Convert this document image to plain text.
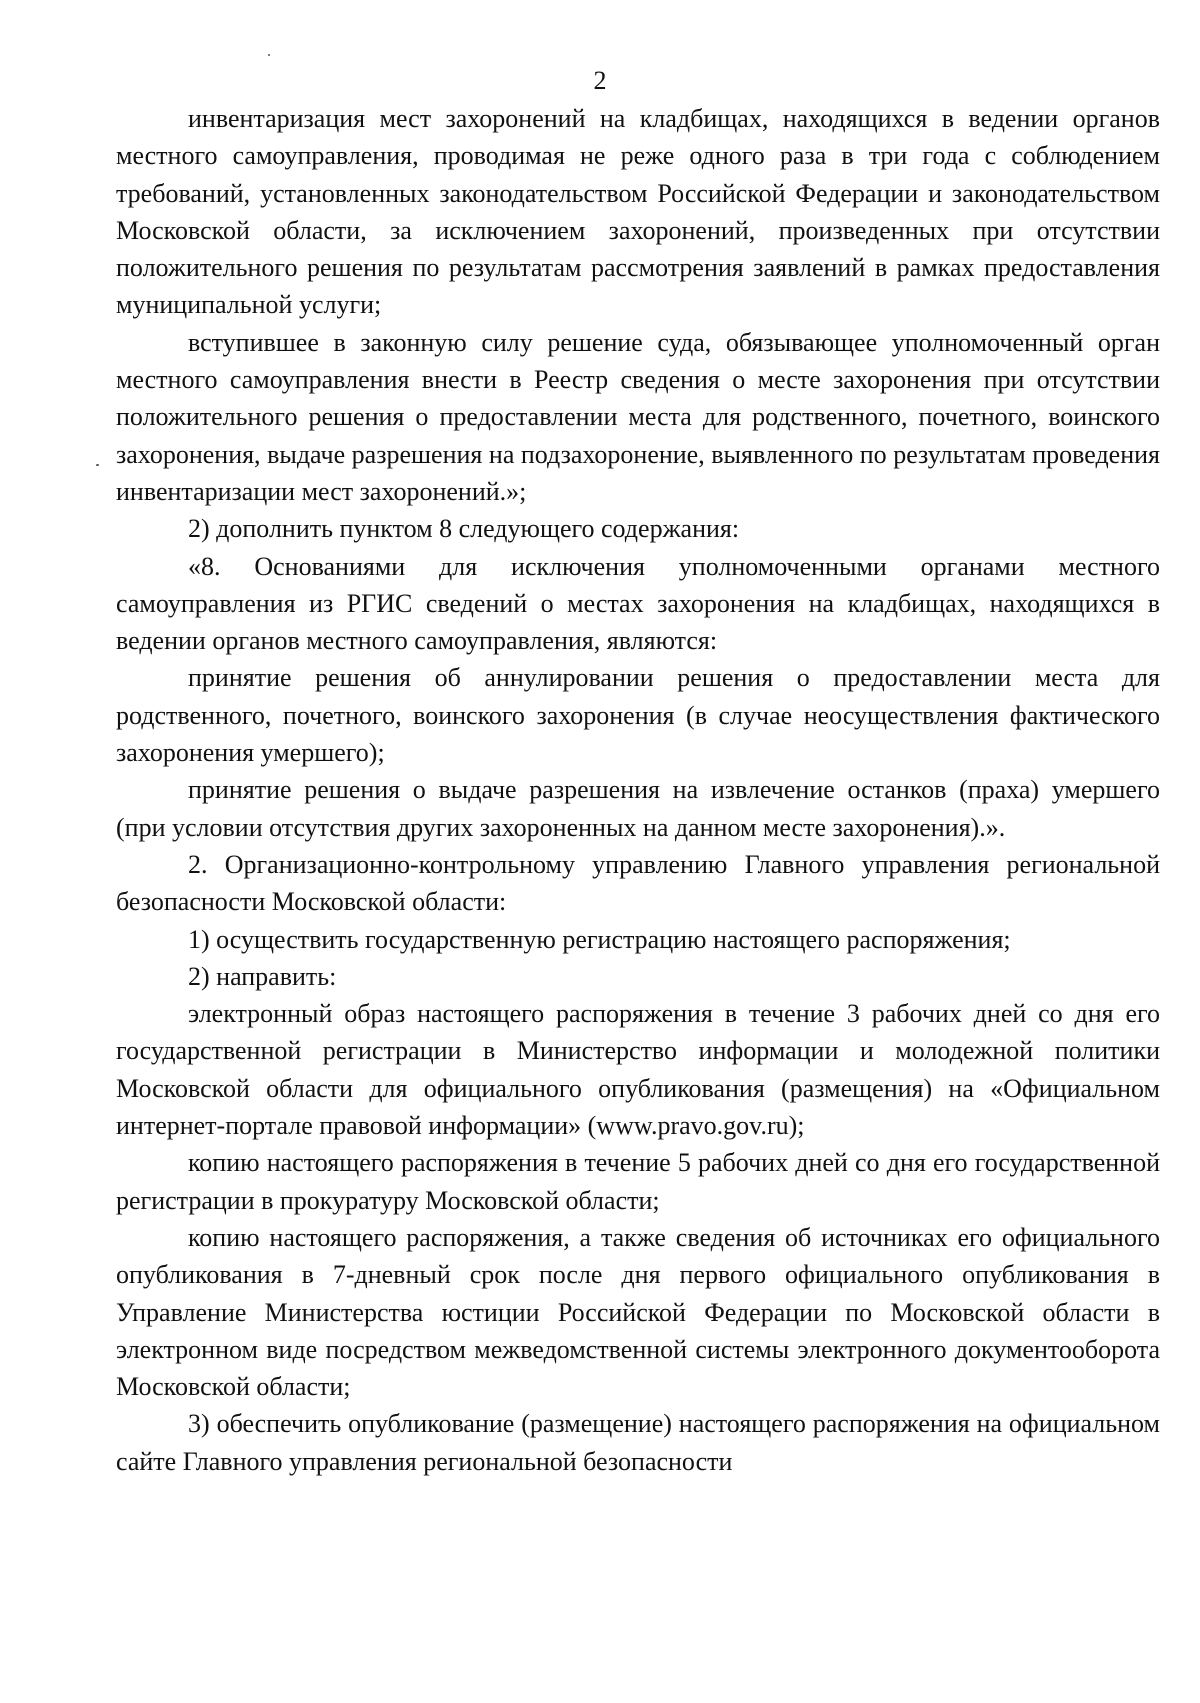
2

инвентаризация мест захоронений на кладбищах, находящихся в ведении органов местного самоуправления, проводимая не реже одного раза в три года с соблюдением требований, установленных законодательством Российской Федерации и законодательством Московской области, за исключением захоронений, произведенных при отсутствии положительного решения по результатам рассмотрения заявлений в рамках предоставления муниципальной услуги;

вступившее в законную силу решение суда, обязывающее уполномоченный орган местного самоуправления внести в Реестр сведения о месте захоронения при отсутствии положительного решения о предоставлении места для родственного, почетного, воинского захоронения, выдаче разрешения на подзахоронение, выявленного по результатам проведения инвентаризации мест захоронений.»;

2) дополнить пунктом 8 следующего содержания:

«8. Основаниями для исключения уполномоченными органами местного самоуправления из РГИС сведений о местах захоронения на кладбищах, находящихся в ведении органов местного самоуправления, являются:

принятие решения об аннулировании решения о предоставлении места для родственного, почетного, воинского захоронения (в случае неосуществления фактического захоронения умершего);

принятие решения о выдаче разрешения на извлечение останков (праха) умершего (при условии отсутствия других захороненных на данном месте захоронения).».

2. Организационно-контрольному управлению Главного управления региональной безопасности Московской области:

1) осуществить государственную регистрацию настоящего распоряжения;

2) направить:

электронный образ настоящего распоряжения в течение 3 рабочих дней со дня его государственной регистрации в Министерство информации и молодежной политики Московской области для официального опубликования (размещения) на «Официальном интернет-портале правовой информации» (www.pravo.gov.ru);

копию настоящего распоряжения в течение 5 рабочих дней со дня его государственной регистрации в прокуратуру Московской области;

копию настоящего распоряжения, а также сведения об источниках его официального опубликования в 7-дневный срок после дня первого официального опубликования в Управление Министерства юстиции Российской Федерации по Московской области в электронном виде посредством межведомственной системы электронного документооборота Московской области;

3) обеспечить опубликование (размещение) настоящего распоряжения на официальном сайте Главного управления региональной безопасности
